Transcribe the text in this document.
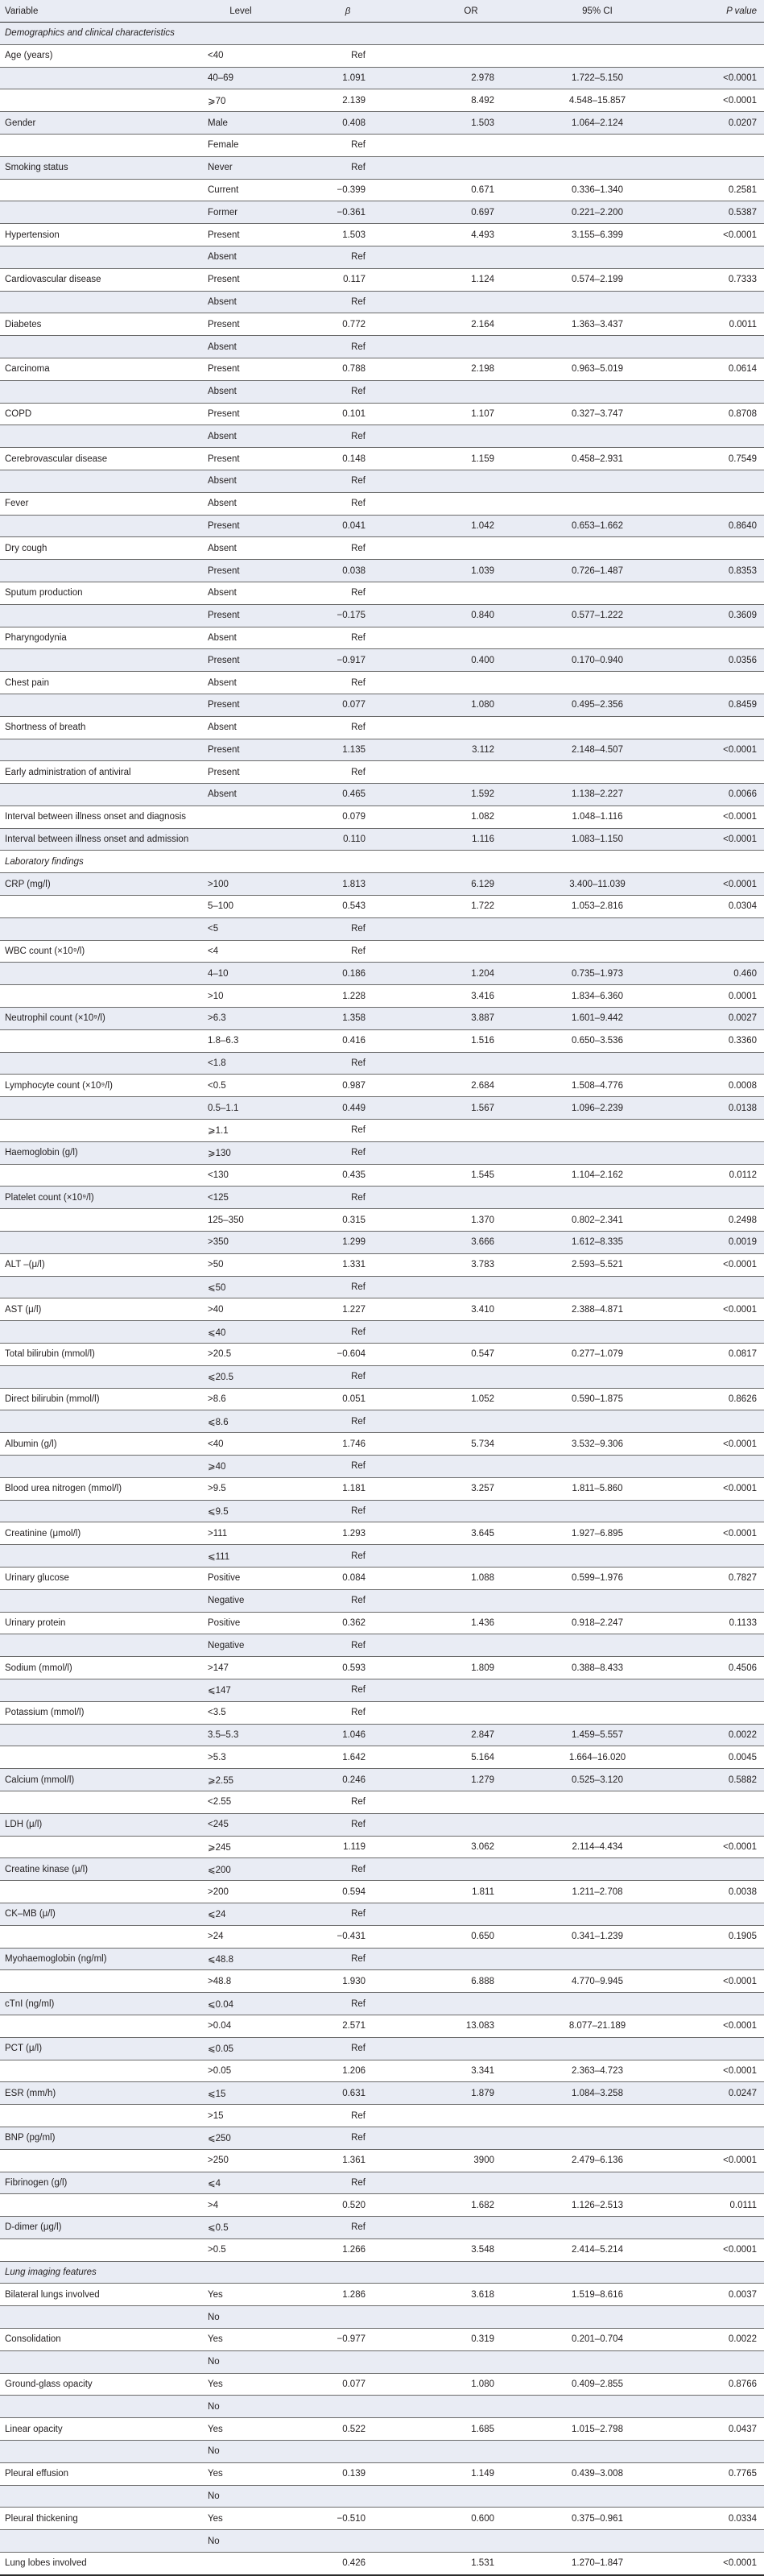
Variable	Level	β	OR	95% CI	P value
Demographics and clinical characteristics					
Age (years)	<40	Ref			
	40–69	1.091	2.978	1.722–5.150	<0.0001
	⩾70	2.139	8.492	4.548–15.857	<0.0001
Gender	Male	0.408	1.503	1.064–2.124	0.0207
	Female	Ref			
Smoking status	Never	Ref			
	Current	−0.399	0.671	0.336–1.340	0.2581
	Former	−0.361	0.697	0.221–2.200	0.5387
Hypertension	Present	1.503	4.493	3.155–6.399	<0.0001
	Absent	Ref			
Cardiovascular disease	Present	0.117	1.124	0.574–2.199	0.7333
	Absent	Ref			
Diabetes	Present	0.772	2.164	1.363–3.437	0.0011
	Absent	Ref			
Carcinoma	Present	0.788	2.198	0.963–5.019	0.0614
	Absent	Ref			
COPD	Present	0.101	1.107	0.327–3.747	0.8708
	Absent	Ref			
Cerebrovascular disease	Present	0.148	1.159	0.458–2.931	0.7549
	Absent	Ref			
Fever	Absent	Ref			
	Present	0.041	1.042	0.653–1.662	0.8640
Dry cough	Absent	Ref			
	Present	0.038	1.039	0.726–1.487	0.8353
Sputum production	Absent	Ref			
	Present	−0.175	0.840	0.577–1.222	0.3609
Pharyngodynia	Absent	Ref			
	Present	−0.917	0.400	0.170–0.940	0.0356
Chest pain	Absent	Ref			
	Present	0.077	1.080	0.495–2.356	0.8459
Shortness of breath	Absent	Ref			
	Present	1.135	3.112	2.148–4.507	<0.0001
Early administration of antiviral	Present	Ref			
	Absent	0.465	1.592	1.138–2.227	0.0066
Interval between illness onset and diagnosis		0.079	1.082	1.048–1.116	<0.0001
Interval between illness onset and admission		0.110	1.116	1.083–1.150	<0.0001
Laboratory findings					
CRP (mg/l)	>100	1.813	6.129	3.400–11.039	<0.0001
	5–100	0.543	1.722	1.053–2.816	0.0304
	<5	Ref			
WBC count (×10⁹/l)	<4	Ref			
	4–10	0.186	1.204	0.735–1.973	0.460
	>10	1.228	3.416	1.834–6.360	0.0001
Neutrophil count (×10⁹/l)	>6.3	1.358	3.887	1.601–9.442	0.0027
	1.8–6.3	0.416	1.516	0.650–3.536	0.3360
	<1.8	Ref			
Lymphocyte count (×10⁹/l)	<0.5	0.987	2.684	1.508–4.776	0.0008
	0.5–1.1	0.449	1.567	1.096–2.239	0.0138
	⩾1.1	Ref			
Haemoglobin (g/l)	⩾130	Ref			
	<130	0.435	1.545	1.104–2.162	0.0112
Platelet count (×10⁹/l)	<125	Ref			
	125–350	0.315	1.370	0.802–2.341	0.2498
	>350	1.299	3.666	1.612–8.335	0.0019
ALT –(μ/l)	>50	1.331	3.783	2.593–5.521	<0.0001
	⩽50	Ref			
AST (μ/l)	>40	1.227	3.410	2.388–4.871	<0.0001
	⩽40	Ref			
Total bilirubin (mmol/l)	>20.5	−0.604	0.547	0.277–1.079	0.0817
	⩽20.5	Ref			
Direct bilirubin (mmol/l)	>8.6	0.051	1.052	0.590–1.875	0.8626
	⩽8.6	Ref			
Albumin (g/l)	<40	1.746	5.734	3.532–9.306	<0.0001
	⩾40	Ref			
Blood urea nitrogen (mmol/l)	>9.5	1.181	3.257	1.811–5.860	<0.0001
	⩽9.5	Ref			
Creatinine (μmol/l)	>111	1.293	3.645	1.927–6.895	<0.0001
	⩽111	Ref			
Urinary glucose	Positive	0.084	1.088	0.599–1.976	0.7827
	Negative	Ref			
Urinary protein	Positive	0.362	1.436	0.918–2.247	0.1133
	Negative	Ref			
Sodium (mmol/l)	>147	0.593	1.809	0.388–8.433	0.4506
	⩽147	Ref			
Potassium (mmol/l)	<3.5	Ref			
	3.5–5.3	1.046	2.847	1.459–5.557	0.0022
	>5.3	1.642	5.164	1.664–16.020	0.0045
Calcium (mmol/l)	⩾2.55	0.246	1.279	0.525–3.120	0.5882
	<2.55	Ref			
LDH (μ/l)	<245	Ref			
	⩾245	1.119	3.062	2.114–4.434	<0.0001
Creatine kinase (μ/l)	⩽200	Ref			
	>200	0.594	1.811	1.211–2.708	0.0038
CK–MB (μ/l)	⩽24	Ref			
	>24	−0.431	0.650	0.341–1.239	0.1905
Myohaemoglobin (ng/ml)	⩽48.8	Ref			
	>48.8	1.930	6.888	4.770–9.945	<0.0001
cTnI (ng/ml)	⩽0.04	Ref			
	>0.04	2.571	13.083	8.077–21.189	<0.0001
PCT (μ/l)	⩽0.05	Ref			
	>0.05	1.206	3.341	2.363–4.723	<0.0001
ESR (mm/h)	⩽15	0.631	1.879	1.084–3.258	0.0247
	>15	Ref			
BNP (pg/ml)	⩽250	Ref			
	>250	1.361	3900	2.479–6.136	<0.0001
Fibrinogen (g/l)	⩽4	Ref			
	>4	0.520	1.682	1.126–2.513	0.0111
D-dimer (μg/l)	⩽0.5	Ref			
	>0.5	1.266	3.548	2.414–5.214	<0.0001
Lung imaging features					
Bilateral lungs involved	Yes	1.286	3.618	1.519–8.616	0.0037
	No				
Consolidation	Yes	−0.977	0.319	0.201–0.704	0.0022
	No				
Ground-glass opacity	Yes	0.077	1.080	0.409–2.855	0.8766
	No				
Linear opacity	Yes	0.522	1.685	1.015–2.798	0.0437
	No				
Pleural effusion	Yes	0.139	1.149	0.439–3.008	0.7765
	No				
Pleural thickening	Yes	−0.510	0.600	0.375–0.961	0.0334
	No				
Lung lobes involved		0.426	1.531	1.270–1.847	<0.0001
